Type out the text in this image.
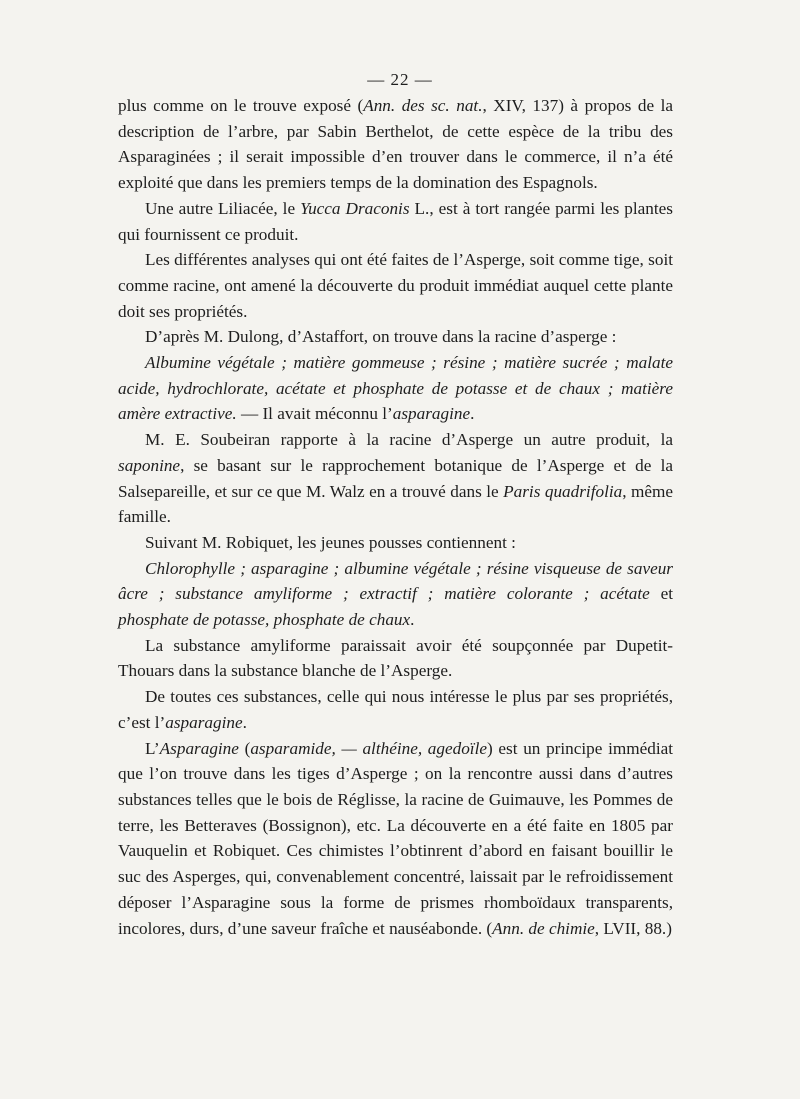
— 22 —

plus comme on le trouve exposé (Ann. des sc. nat., XIV, 137) à propos de la description de l’arbre, par Sabin Berthelot, de cette espèce de la tribu des Asparaginées ; il serait impossible d’en trouver dans le commerce, il n’a été exploité que dans les premiers temps de la domination des Espagnols.

Une autre Liliacée, le Yucca Draconis L., est à tort rangée parmi les plantes qui fournissent ce produit.

Les différentes analyses qui ont été faites de l’Asperge, soit comme tige, soit comme racine, ont amené la découverte du produit immédiat auquel cette plante doit ses propriétés.

D’après M. Dulong, d’Astaffort, on trouve dans la racine d’asperge :

Albumine végétale ; matière gommeuse ; résine ; matière sucrée ; malate acide, hydrochlorate, acétate et phosphate de potasse et de chaux ; matière amère extractive. — Il avait méconnu l’asparagine.

M. E. Soubeiran rapporte à la racine d’Asperge un autre produit, la saponine, se basant sur le rapprochement botanique de l’Asperge et de la Salsepareille, et sur ce que M. Walz en a trouvé dans le Paris quadrifolia, même famille.

Suivant M. Robiquet, les jeunes pousses contiennent :

Chlorophylle ; asparagine ; albumine végétale ; résine visqueuse de saveur âcre ; substance amyliforme ; extractif ; matière colorante ; acétate et phosphate de potasse, phosphate de chaux.

La substance amyliforme paraissait avoir été soupçonnée par Dupetit-Thouars dans la substance blanche de l’Asperge.

De toutes ces substances, celle qui nous intéresse le plus par ses propriétés, c’est l’asparagine.

L’Asparagine (asparamide, — althéine, agedoïle) est un principe immédiat que l’on trouve dans les tiges d’Asperge ; on la rencontre aussi dans d’autres substances telles que le bois de Réglisse, la racine de Guimauve, les Pommes de terre, les Betteraves (Bossignon), etc. La découverte en a été faite en 1805 par Vauquelin et Robiquet. Ces chimistes l’obtinrent d’abord en faisant bouillir le suc des Asperges, qui, convenablement concentré, laissait par le refroidissement déposer l’Asparagine sous la forme de prismes rhomboïdaux transparents, incolores, durs, d’une saveur fraîche et nauséabonde. (Ann. de chimie, LVII, 88.)
